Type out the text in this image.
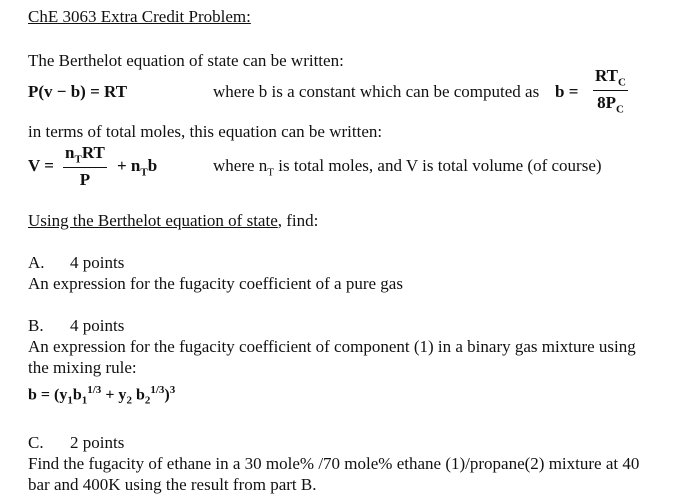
ChE 3063 Extra Credit Problem:
The Berthelot equation of state can be written:
P(v − b) = RT	where b is a constant which can be computed as b =
$RT_C$
$8P_C$
in terms of total moles, this equation can be written:
V =
$n_TRT$
P
+ $n_Tb$	where $n_T$ is total moles, and V is total volume (of course)
Using the Berthelot equation of state, find:
A. 4 points
An expression for the fugacity coefficient of a pure gas
B. 4 points
An expression for the fugacity coefficient of component (1) in a binary gas mixture using
the mixing rule:
$b = (y_1b_1^{1/3} + y_2$ $b_2^{1/3})^3$
C. 2 points
Find the fugacity of ethane in a 30 mole% /70 mole% ethane (1)/propane(2) mixture at 40
bar and 400K using the result from part B.
